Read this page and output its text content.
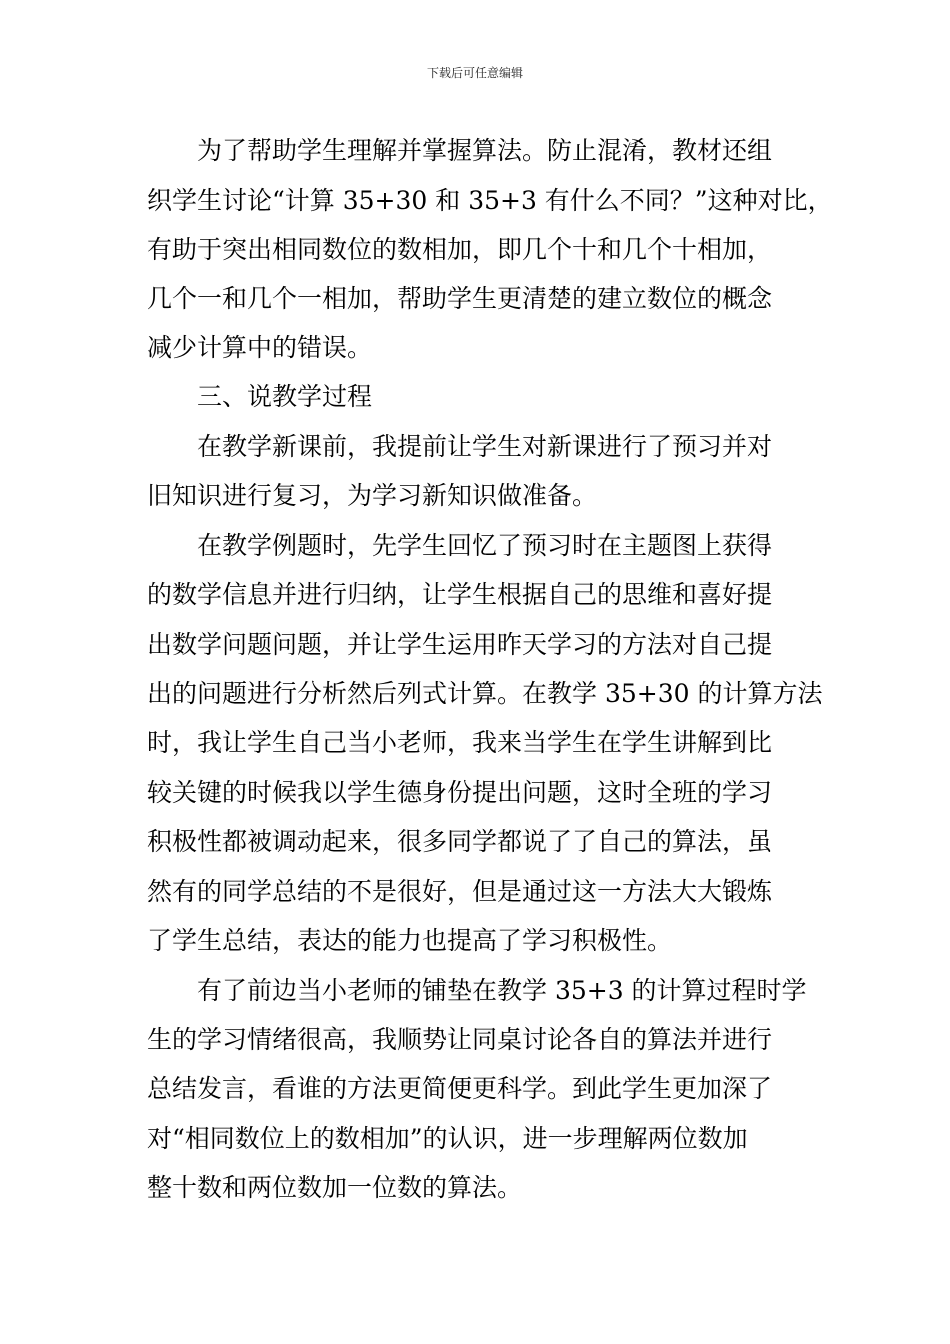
下载后可任意编辑
为了帮助学生理解并掌握算法。防止混淆，教材还组
织学生讨论“计算 35+30 和 35+3 有什么不同？”这种对比，
有助于突出相同数位的数相加，即几个十和几个十相加，
几个一和几个一相加，帮助学生更清楚的建立数位的概念
减少计算中的错误。
三、说教学过程
在教学新课前，我提前让学生对新课进行了预习并对
旧知识进行复习，为学习新知识做准备。
在教学例题时，先学生回忆了预习时在主题图上获得
的数学信息并进行归纳，让学生根据自己的思维和喜好提
出数学问题问题，并让学生运用昨天学习的方法对自己提
出的问题进行分析然后列式计算。在教学 35+30 的计算方法
时，我让学生自己当小老师，我来当学生在学生讲解到比
较关键的时候我以学生德身份提出问题，这时全班的学习
积极性都被调动起来，很多同学都说了了自己的算法，虽
然有的同学总结的不是很好，但是通过这一方法大大锻炼
了学生总结，表达的能力也提高了学习积极性。
有了前边当小老师的铺垫在教学 35+3 的计算过程时学
生的学习情绪很高，我顺势让同桌讨论各自的算法并进行
总结发言，看谁的方法更简便更科学。到此学生更加深了
对“相同数位上的数相加”的认识，进一步理解两位数加
整十数和两位数加一位数的算法。
